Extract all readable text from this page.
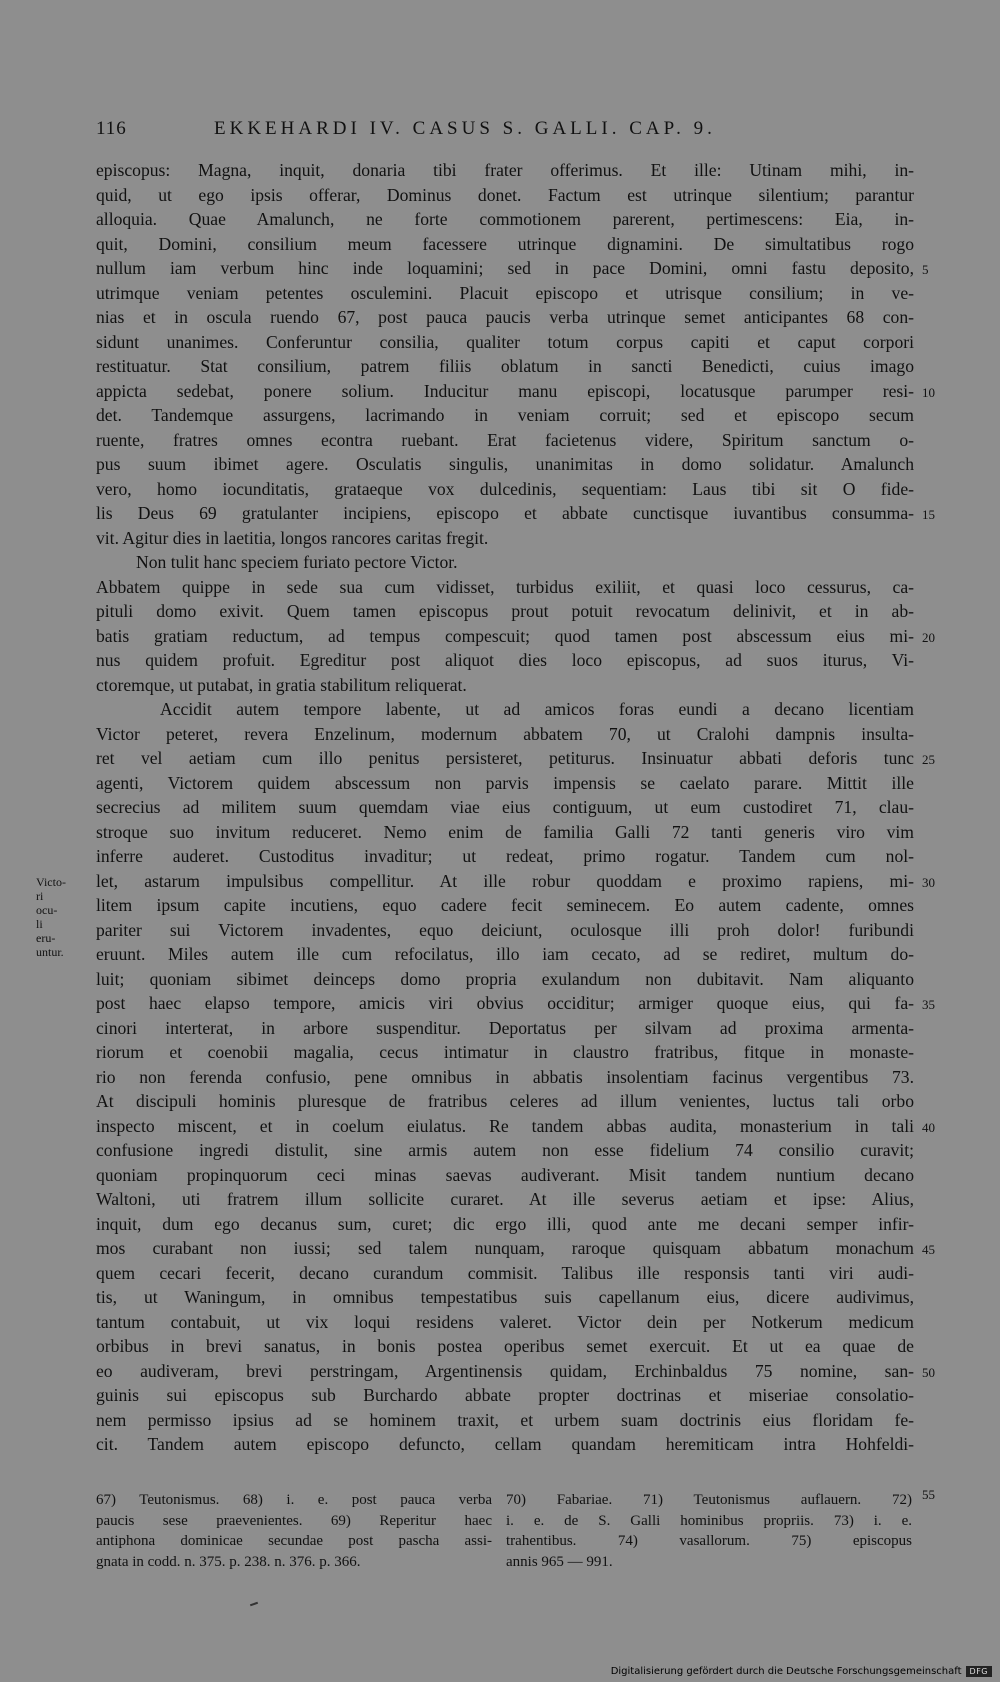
116	EKKEHARDI IV. CASUS S. GALLI. CAP. 9.
episcopus: Magna, inquit, donaria tibi frater offerimus. Et ille: Utinam mihi, in-
quid, ut ego ipsis offerar, Dominus donet. Factum est utrinque silentium; parantur
alloquia. Quae Amalunch, ne forte commotionem parerent, pertimescens: Eia, in-
quit, Domini, consilium meum facessere utrinque dignamini. De simultatibus rogo
nullum iam verbum hinc inde loquamini; sed in pace Domini, omni fastu deposito,
utrimque veniam petentes osculemini. Placuit episcopo et utrisque consilium; in ve-
nias et in oscula ruendo 67, post pauca paucis verba utrinque semet anticipantes 68 con-
sidunt unanimes. Conferuntur consilia, qualiter totum corpus capiti et caput corpori
restituatur. Stat consilium, patrem filiis oblatum in sancti Benedicti, cuius imago
appicta sedebat, ponere solium. Inducitur manu episcopi, locatusque parumper resi-
det. Tandemque assurgens, lacrimando in veniam corruit; sed et episcopo secum
ruente, fratres omnes econtra ruebant. Erat facietenus videre, Spiritum sanctum o-
pus suum ibimet agere. Osculatis singulis, unanimitas in domo solidatur. Amalunch
vero, homo iocunditatis, grataeque vox dulcedinis, sequentiam: Laus tibi sit O fide-
lis Deus 69 gratulanter incipiens, episcopo et abbate cunctisque iuvantibus consumma-
vit. Agitur dies in laetitia, longos rancores caritas fregit.
Non tulit hanc speciem furiato pectore Victor.
Abbatem quippe in sede sua cum vidisset, turbidus exiliit, et quasi loco cessurus, ca-
pituli domo exivit. Quem tamen episcopus prout potuit revocatum delinivit, et in ab-
batis gratiam reductum, ad tempus compescuit; quod tamen post abscessum eius mi-
nus quidem profuit. Egreditur post aliquot dies loco episcopus, ad suos iturus, Vi-
ctoremque, ut putabat, in gratia stabilitum reliquerat.
Accidit autem tempore labente, ut ad amicos foras eundi a decano licentiam
Victor peteret, revera Enzelinum, modernum abbatem 70, ut Cralohi dampnis insulta-
ret vel aetiam cum illo penitus persisteret, petiturus. Insinuatur abbati deforis tunc
agenti, Victorem quidem abscessum non parvis impensis se caelato parare. Mittit ille
secrecius ad militem suum quemdam viae eius contiguum, ut eum custodiret 71, clau-
stroque suo invitum reduceret. Nemo enim de familia Galli 72 tanti generis viro vim
inferre auderet. Custoditus invaditur; ut redeat, primo rogatur. Tandem cum nol-
let, astarum impulsibus compellitur. At ille robur quoddam e proximo rapiens, mi-
litem ipsum capite incutiens, equo cadere fecit seminecem. Eo autem cadente, omnes
pariter sui Victorem invadentes, equo deiciunt, oculosque illi proh dolor! furibundi
eruunt. Miles autem ille cum refocilatus, illo iam cecato, ad se rediret, multum do-
luit; quoniam sibimet deinceps domo propria exulandum non dubitavit. Nam aliquanto
post haec elapso tempore, amicis viri obvius occiditur; armiger quoque eius, qui fa-
cinori interterat, in arbore suspenditur. Deportatus per silvam ad proxima armenta-
riorum et coenobii magalia, cecus intimatur in claustro fratribus, fitque in monaste-
rio non ferenda confusio, pene omnibus in abbatis insolentiam facinus vergentibus 73.
At discipuli hominis pluresque de fratribus celeres ad illum venientes, luctus tali orbo
inspecto miscent, et in coelum eiulatus. Re tandem abbas audita, monasterium in tali
confusione ingredi distulit, sine armis autem non esse fidelium 74 consilio curavit;
quoniam propinquorum ceci minas saevas audiverant. Misit tandem nuntium decano
Waltoni, uti fratrem illum sollicite curaret. At ille severus aetiam et ipse: Alius,
inquit, dum ego decanus sum, curet; dic ergo illi, quod ante me decani semper infir-
mos curabant non iussi; sed talem nunquam, raroque quisquam abbatum monachum
quem cecari fecerit, decano curandum commisit. Talibus ille responsis tanti viri audi-
tis, ut Waningum, in omnibus tempestatibus suis capellanum eius, dicere audivimus,
tantum contabuit, ut vix loqui residens valeret. Victor dein per Notkerum medicum
orbibus in brevi sanatus, in bonis postea operibus semet exercuit. Et ut ea quae de
eo audiveram, brevi perstringam, Argentinensis quidam, Erchinbaldus 75 nomine, san-
guinis sui episcopus sub Burchardo abbate propter doctrinas et miseriae consolatio-
nem permisso ipsius ad se hominem traxit, et urbem suam doctrinis eius floridam fe-
cit. Tandem autem episcopo defuncto, cellam quandam heremiticam intra Hohfeldi-
5
10
15
20
25
30
35
40
45
50
55
Victo-
ri
ocu-
li
eru-
untur.
67) Teutonismus. 68) i. e. post pauca verba
paucis sese praevenientes. 69) Reperitur haec
antiphona dominicae secundae post pascha assi-
gnata in codd. n. 375. p. 238. n. 376. p. 366.
70) Fabariae. 71) Teutonismus auflauern. 72)
i. e. de S. Galli hominibus propriis. 73) i. e.
trahentibus. 74) vasallorum. 75) episcopus
annis 965 — 991.
Digitalisierung gefördert durch die Deutsche Forschungsgemeinschaft	DFG
